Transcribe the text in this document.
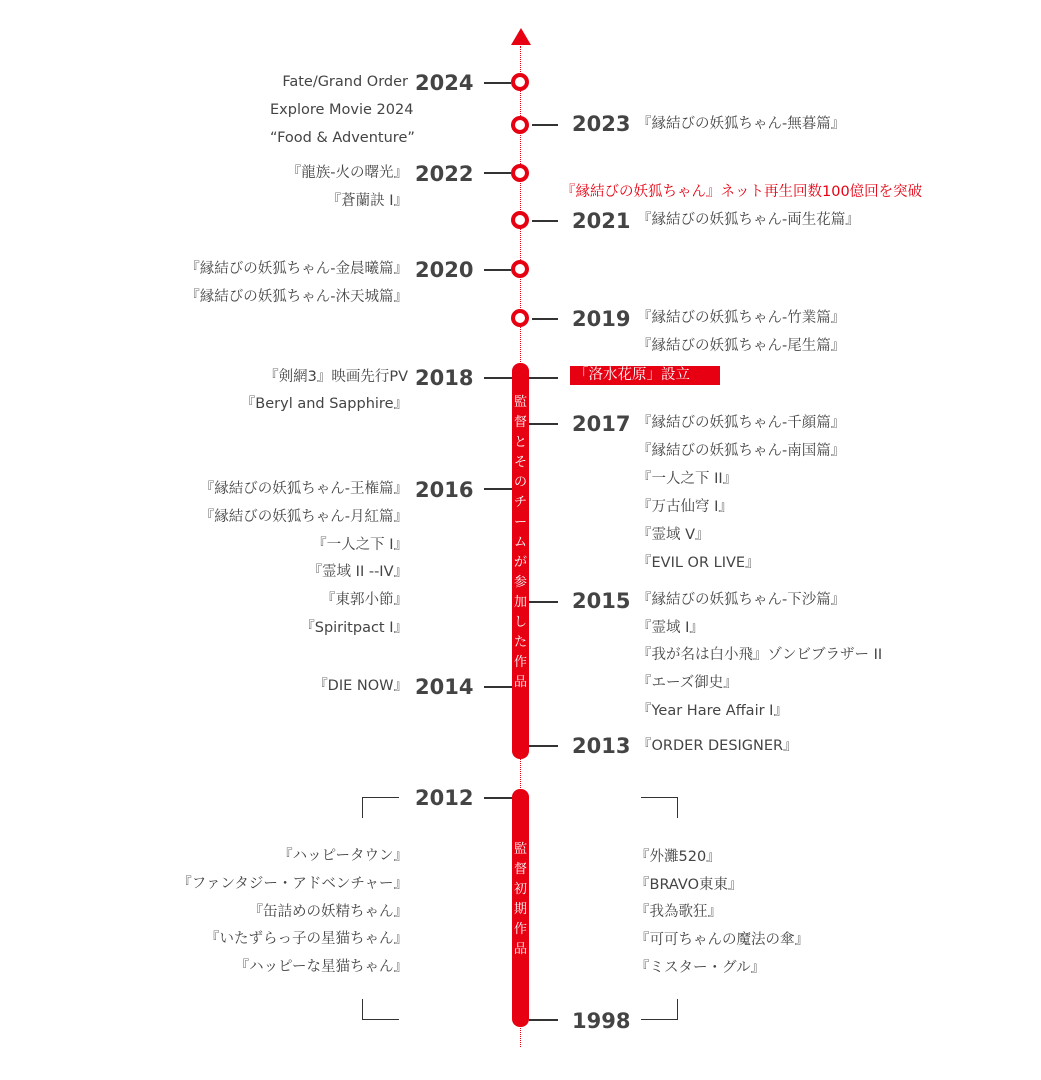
監督とそのチームが参加した作品
監督初期作品
2024
Fate/Grand Order
Explore Movie 2024
“Food & Adventure”
2023 『縁結びの妖狐ちゃん-無暮篇』
2022
『龍族‐火の曙光』
『蒼蘭訣 Ⅰ』
『縁結びの妖狐ちゃん』ネット再生回数100億回を突破
2021 『縁結びの妖狐ちゃん-両生花篇』
2020
『縁結びの妖狐ちゃん-金晨曦篇』
『縁結びの妖狐ちゃん-沐天城篇』
2019 『縁結びの妖狐ちゃん-竹業篇』
『縁結びの妖狐ちゃん-尾生篇』
2018
『剣網3』映画先行PV
『Beryl and Sapphire』
「洛水花原」設立
2017 『縁結びの妖狐ちゃん-千顔篇』
『縁結びの妖狐ちゃん-南国篇』
『一人之下 II』
『万古仙穹 I』
『霊域 V』
『EVIL OR LIVE』
2016
『縁結びの妖狐ちゃん-王権篇』
『縁結びの妖狐ちゃん-月紅篇』
『一人之下 I』
『霊域 II --IV』
『東郭小節』
『Spiritpact I』
2015 『縁結びの妖狐ちゃん-下沙篇』
『霊域 Ⅰ』
『我が名は白小飛』ゾンビブラザー II
『エーズ御史』
『Year Hare Affair Ⅰ』
2014
『DIE NOW』
2013 『ORDER DESIGNER』
2012
『ハッピータウン』
『ファンタジー・アドベンチャー』
『缶詰めの妖精ちゃん』
『いたずらっ子の星猫ちゃん』
『ハッピーな星猫ちゃん』
『外灘520』
『BRAVO東東』
『我為歌狂』
『可可ちゃんの魔法の傘』
『ミスター・グル』
1998
